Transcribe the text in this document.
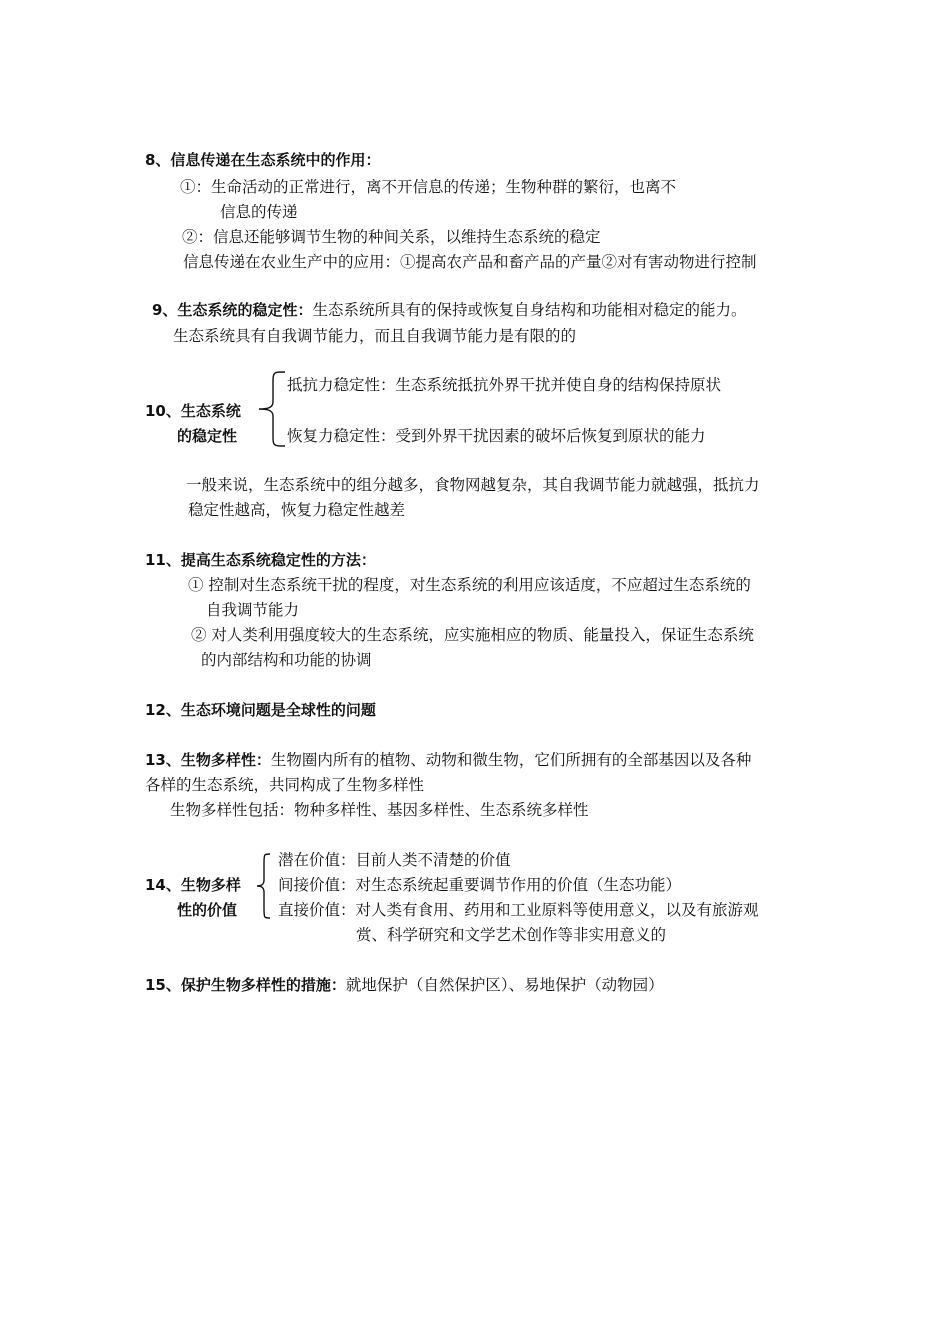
8、信息传递在生态系统中的作用：
①：生命活动的正常进行，离不开信息的传递；生物种群的繁衍，也离不
信息的传递
②：信息还能够调节生物的种间关系，以维持生态系统的稳定
信息传递在农业生产中的应用：①提高农产品和畜产品的产量②对有害动物进行控制
9、生态系统的稳定性：生态系统所具有的保持或恢复自身结构和功能相对稳定的能力。
生态系统具有自我调节能力，而且自我调节能力是有限的的
10、生态系统
的稳定性
抵抗力稳定性：生态系统抵抗外界干扰并使自身的结构保持原状
恢复力稳定性：受到外界干扰因素的破坏后恢复到原状的能力
一般来说，生态系统中的组分越多，食物网越复杂，其自我调节能力就越强，抵抗力
稳定性越高，恢复力稳定性越差
11、提高生态系统稳定性的方法：
① 控制对生态系统干扰的程度，对生态系统的利用应该适度，不应超过生态系统的
自我调节能力
② 对人类利用强度较大的生态系统，应实施相应的物质、能量投入，保证生态系统
的内部结构和功能的协调
12、生态环境问题是全球性的问题
13、生物多样性：生物圈内所有的植物、动物和微生物，它们所拥有的全部基因以及各种
各样的生态系统，共同构成了生物多样性
生物多样性包括：物种多样性、基因多样性、生态系统多样性
14、生物多样
性的价值
潜在价值：目前人类不清楚的价值
间接价值：对生态系统起重要调节作用的价值（生态功能）
直接价值：对人类有食用、药用和工业原料等使用意义，以及有旅游观
赏、科学研究和文学艺术创作等非实用意义的
15、保护生物多样性的措施：就地保护（自然保护区）、易地保护（动物园）
